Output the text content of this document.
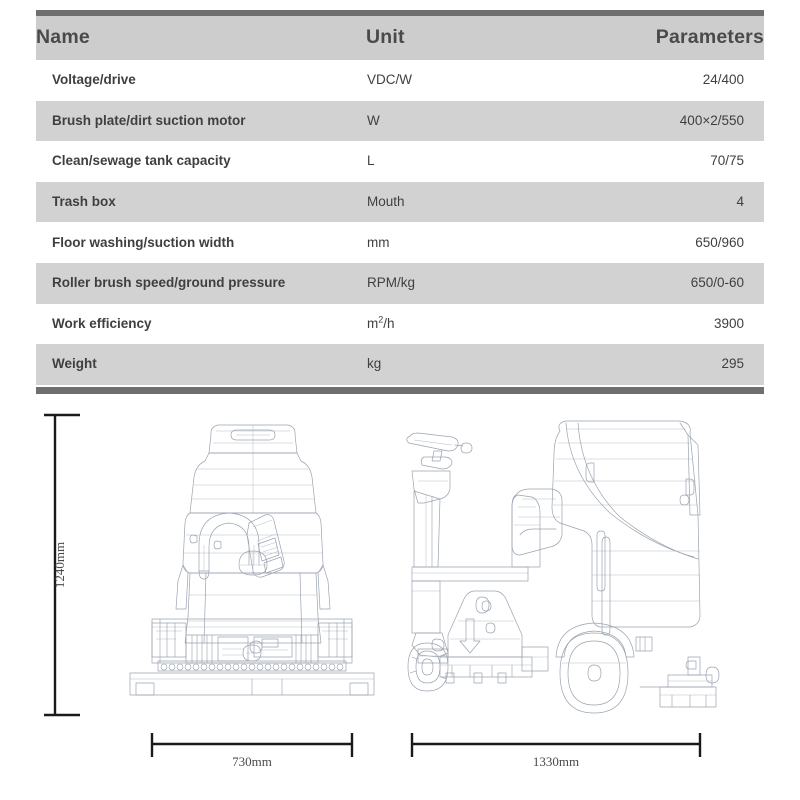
Name	Unit	Parameters
Voltage/drive	VDC/W	24/400
Brush plate/dirt suction motor	W	400×2/550
Clean/sewage tank capacity	L	70/75
Trash box	Mouth	4
Floor washing/suction width	mm	650/960
Roller brush speed/ground pressure	RPM/kg	650/0-60
Work efficiency	$m^2/h$	3900
Weight	kg	295
1240mm
730mm	1330mm
